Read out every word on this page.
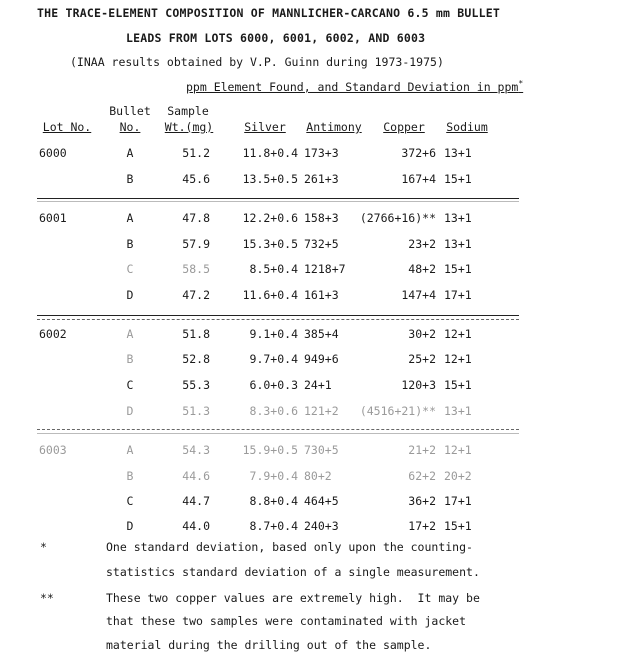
THE TRACE-ELEMENT COMPOSITION OF MANNLICHER-CARCANO 6.5 mm BULLET
LEADS FROM LOTS 6000, 6001, 6002, AND 6003
(INAA results obtained by V.P. Guinn during 1973-1975)
ppm Element Found, and Standard Deviation in ppm*
Bullet	Sample
Lot No.	No.	Wt.(mg)	Silver	Antimony	Copper	Sodium
6000	A	51.2	11.8+0.4 173+3	372+6 13+1
B	45.6	13.5+0.5 261+3	167+4 15+1
6001	A	47.8	12.2+0.6 158+3	(2766+16)** 13+1
B	57.9	15.3+0.5 732+5	23+2 13+1
C	58.5	8.5+0.4 1218+7	48+2 15+1
D	47.2	11.6+0.4 161+3	147+4 17+1
6002	A	51.8	9.1+0.4 385+4	30+2 12+1
B	52.8	9.7+0.4 949+6	25+2 12+1
C	55.3	6.0+0.3 24+1	120+3 15+1
D	51.3	8.3+0.6 121+2	(4516+21)** 13+1
6003	A	54.3	15.9+0.5 730+5	21+2 12+1
B	44.6	7.9+0.4 80+2	62+2 20+2
C	44.7	8.8+0.4 464+5	36+2 17+1
D	44.0	8.7+0.4 240+3	17+2 15+1
*	One standard deviation, based only upon the counting-
statistics standard deviation of a single measurement.
**	These two copper values are extremely high.  It may be
that these two samples were contaminated with jacket
material during the drilling out of the sample.
